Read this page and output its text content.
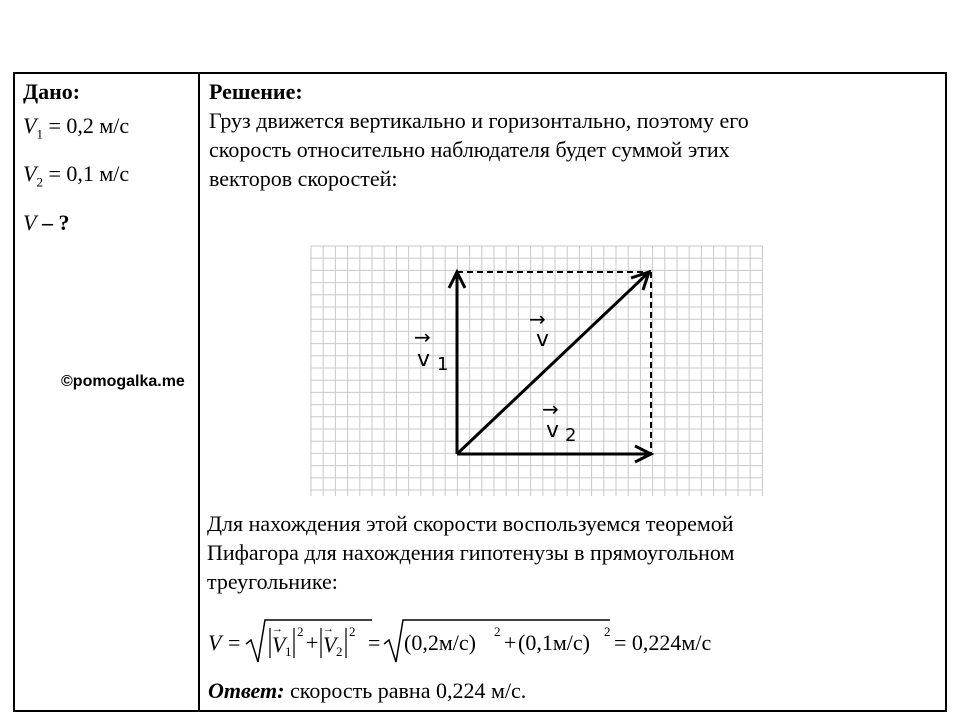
Дано:
$V_1 = 0,2$ м/с
$V_2 = 0,1$ м/с
V – ?
Решение:

Груз движется вертикально и горизонтально, поэтому его

скорость относительно наблюдателя будет суммой этих

векторов скоростей:

→
v 1
→
v
→
v 2

Для нахождения этой скорости воспользуемся теоремой

Пифагора для нахождения гипотенузы в прямоугольном

треугольнике:

V =
→
V 1
2 +
→
V 2
2 = (0,2м/с) 2 + (0,1м/с) 2 = 0,224м/с
Ответ: скорость равна 0,224 м/с.
©pomogalka.me
